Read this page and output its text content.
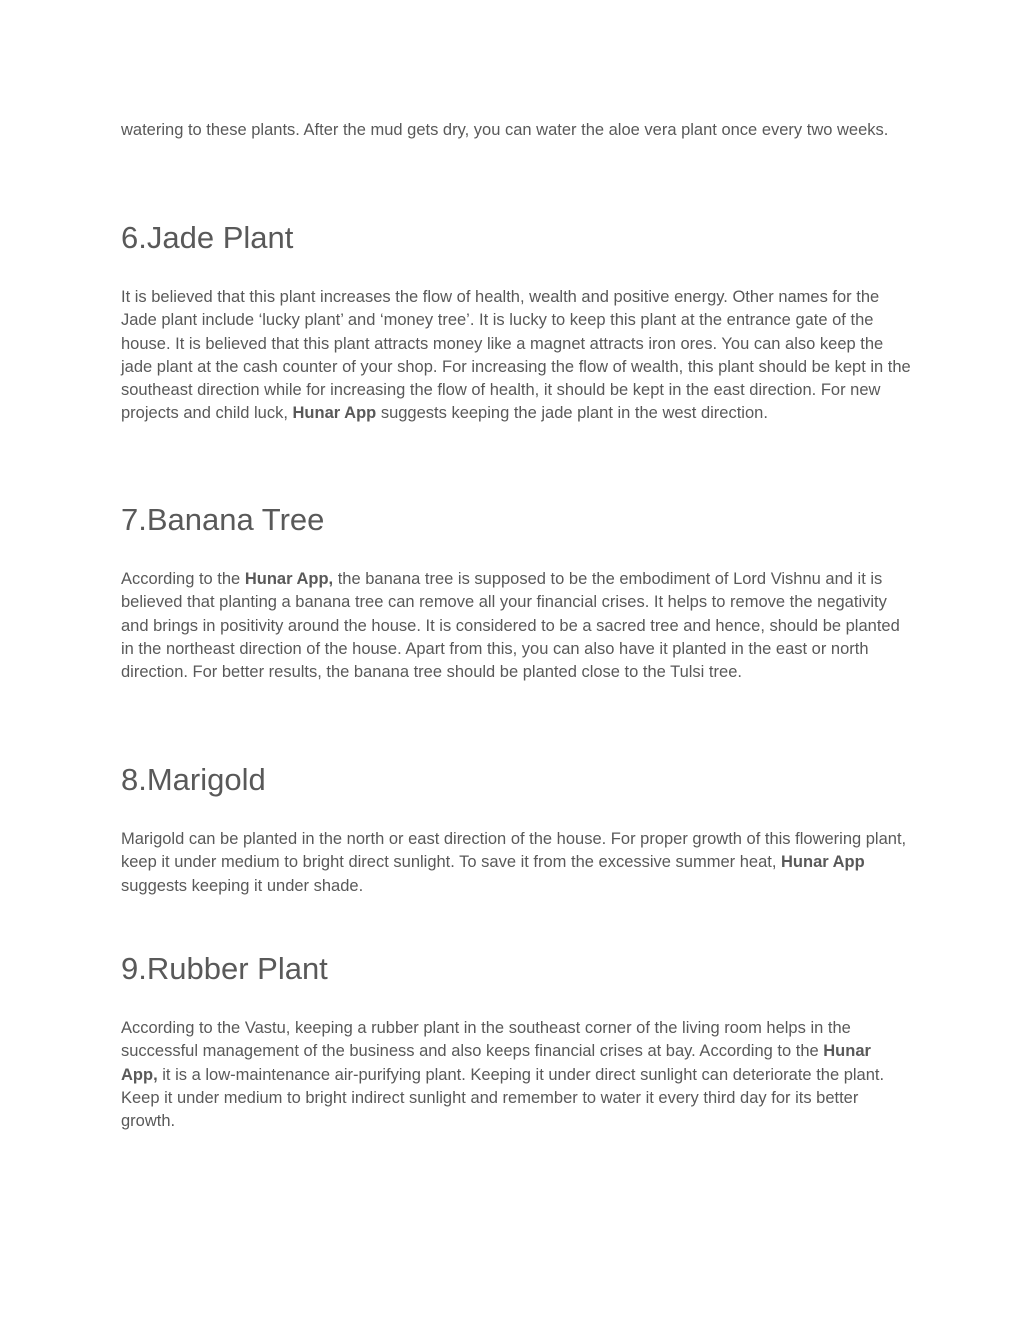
watering to these plants. After the mud gets dry, you can water the aloe vera plant once every two weeks.

6.Jade Plant

It is believed that this plant increases the flow of health, wealth and positive energy. Other names for the Jade plant include ‘lucky plant’ and ‘money tree’. It is lucky to keep this plant at the entrance gate of the house. It is believed that this plant attracts money like a magnet attracts iron ores. You can also keep the jade plant at the cash counter of your shop. For increasing the flow of wealth, this plant should be kept in the southeast direction while for increasing the flow of health, it should be kept in the east direction. For new projects and child luck, Hunar App suggests keeping the jade plant in the west direction.

7.Banana Tree

According to the Hunar App, the banana tree is supposed to be the embodiment of Lord Vishnu and it is believed that planting a banana tree can remove all your financial crises. It helps to remove the negativity and brings in positivity around the house. It is considered to be a sacred tree and hence, should be planted in the northeast direction of the house. Apart from this, you can also have it planted in the east or north direction. For better results, the banana tree should be planted close to the Tulsi tree.

8.Marigold

Marigold can be planted in the north or east direction of the house. For proper growth of this flowering plant, keep it under medium to bright direct sunlight. To save it from the excessive summer heat, Hunar App suggests keeping it under shade.

9.Rubber Plant

According to the Vastu, keeping a rubber plant in the southeast corner of the living room helps in the successful management of the business and also keeps financial crises at bay. According to the Hunar App, it is a low-maintenance air-purifying plant. Keeping it under direct sunlight can deteriorate the plant. Keep it under medium to bright indirect sunlight and remember to water it every third day for its better growth.
